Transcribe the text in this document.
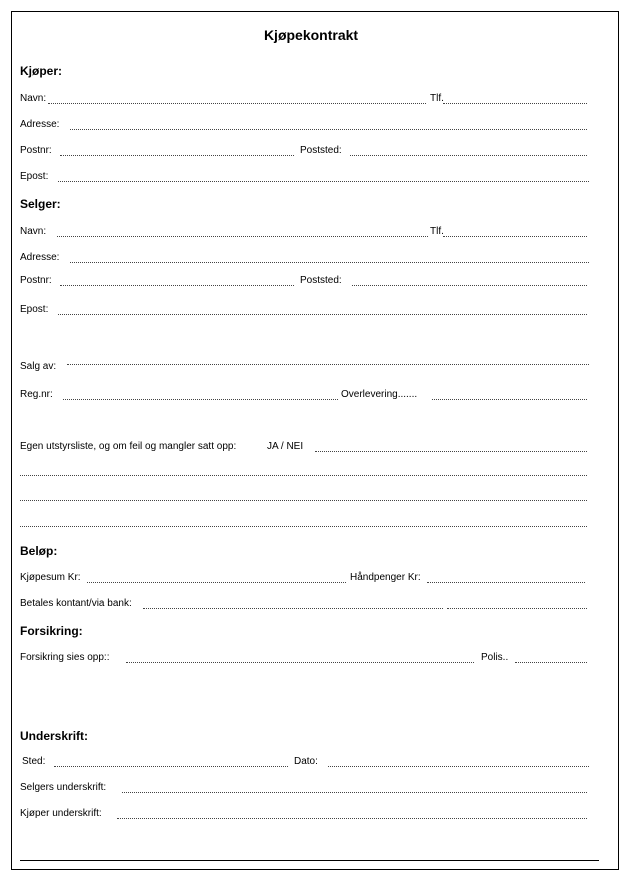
Kjøpekontrakt
Kjøper:
Navn:	Tlf.
Adresse:
Postnr:	Poststed:
Epost:
Selger:
Navn:	Tlf.
Adresse:
Postnr:	Poststed:
Epost:
Salg av:
Reg.nr:	Overlevering.......
Egen utstyrsliste, og om feil og mangler satt opp:	JA / NEI
Beløp:
Kjøpesum Kr:	Håndpenger Kr:
Betales kontant/via bank:
Forsikring:
Forsikring sies opp::	Polis..
Underskrift:
Sted:	Dato:
Selgers underskrift:
Kjøper underskrift:
